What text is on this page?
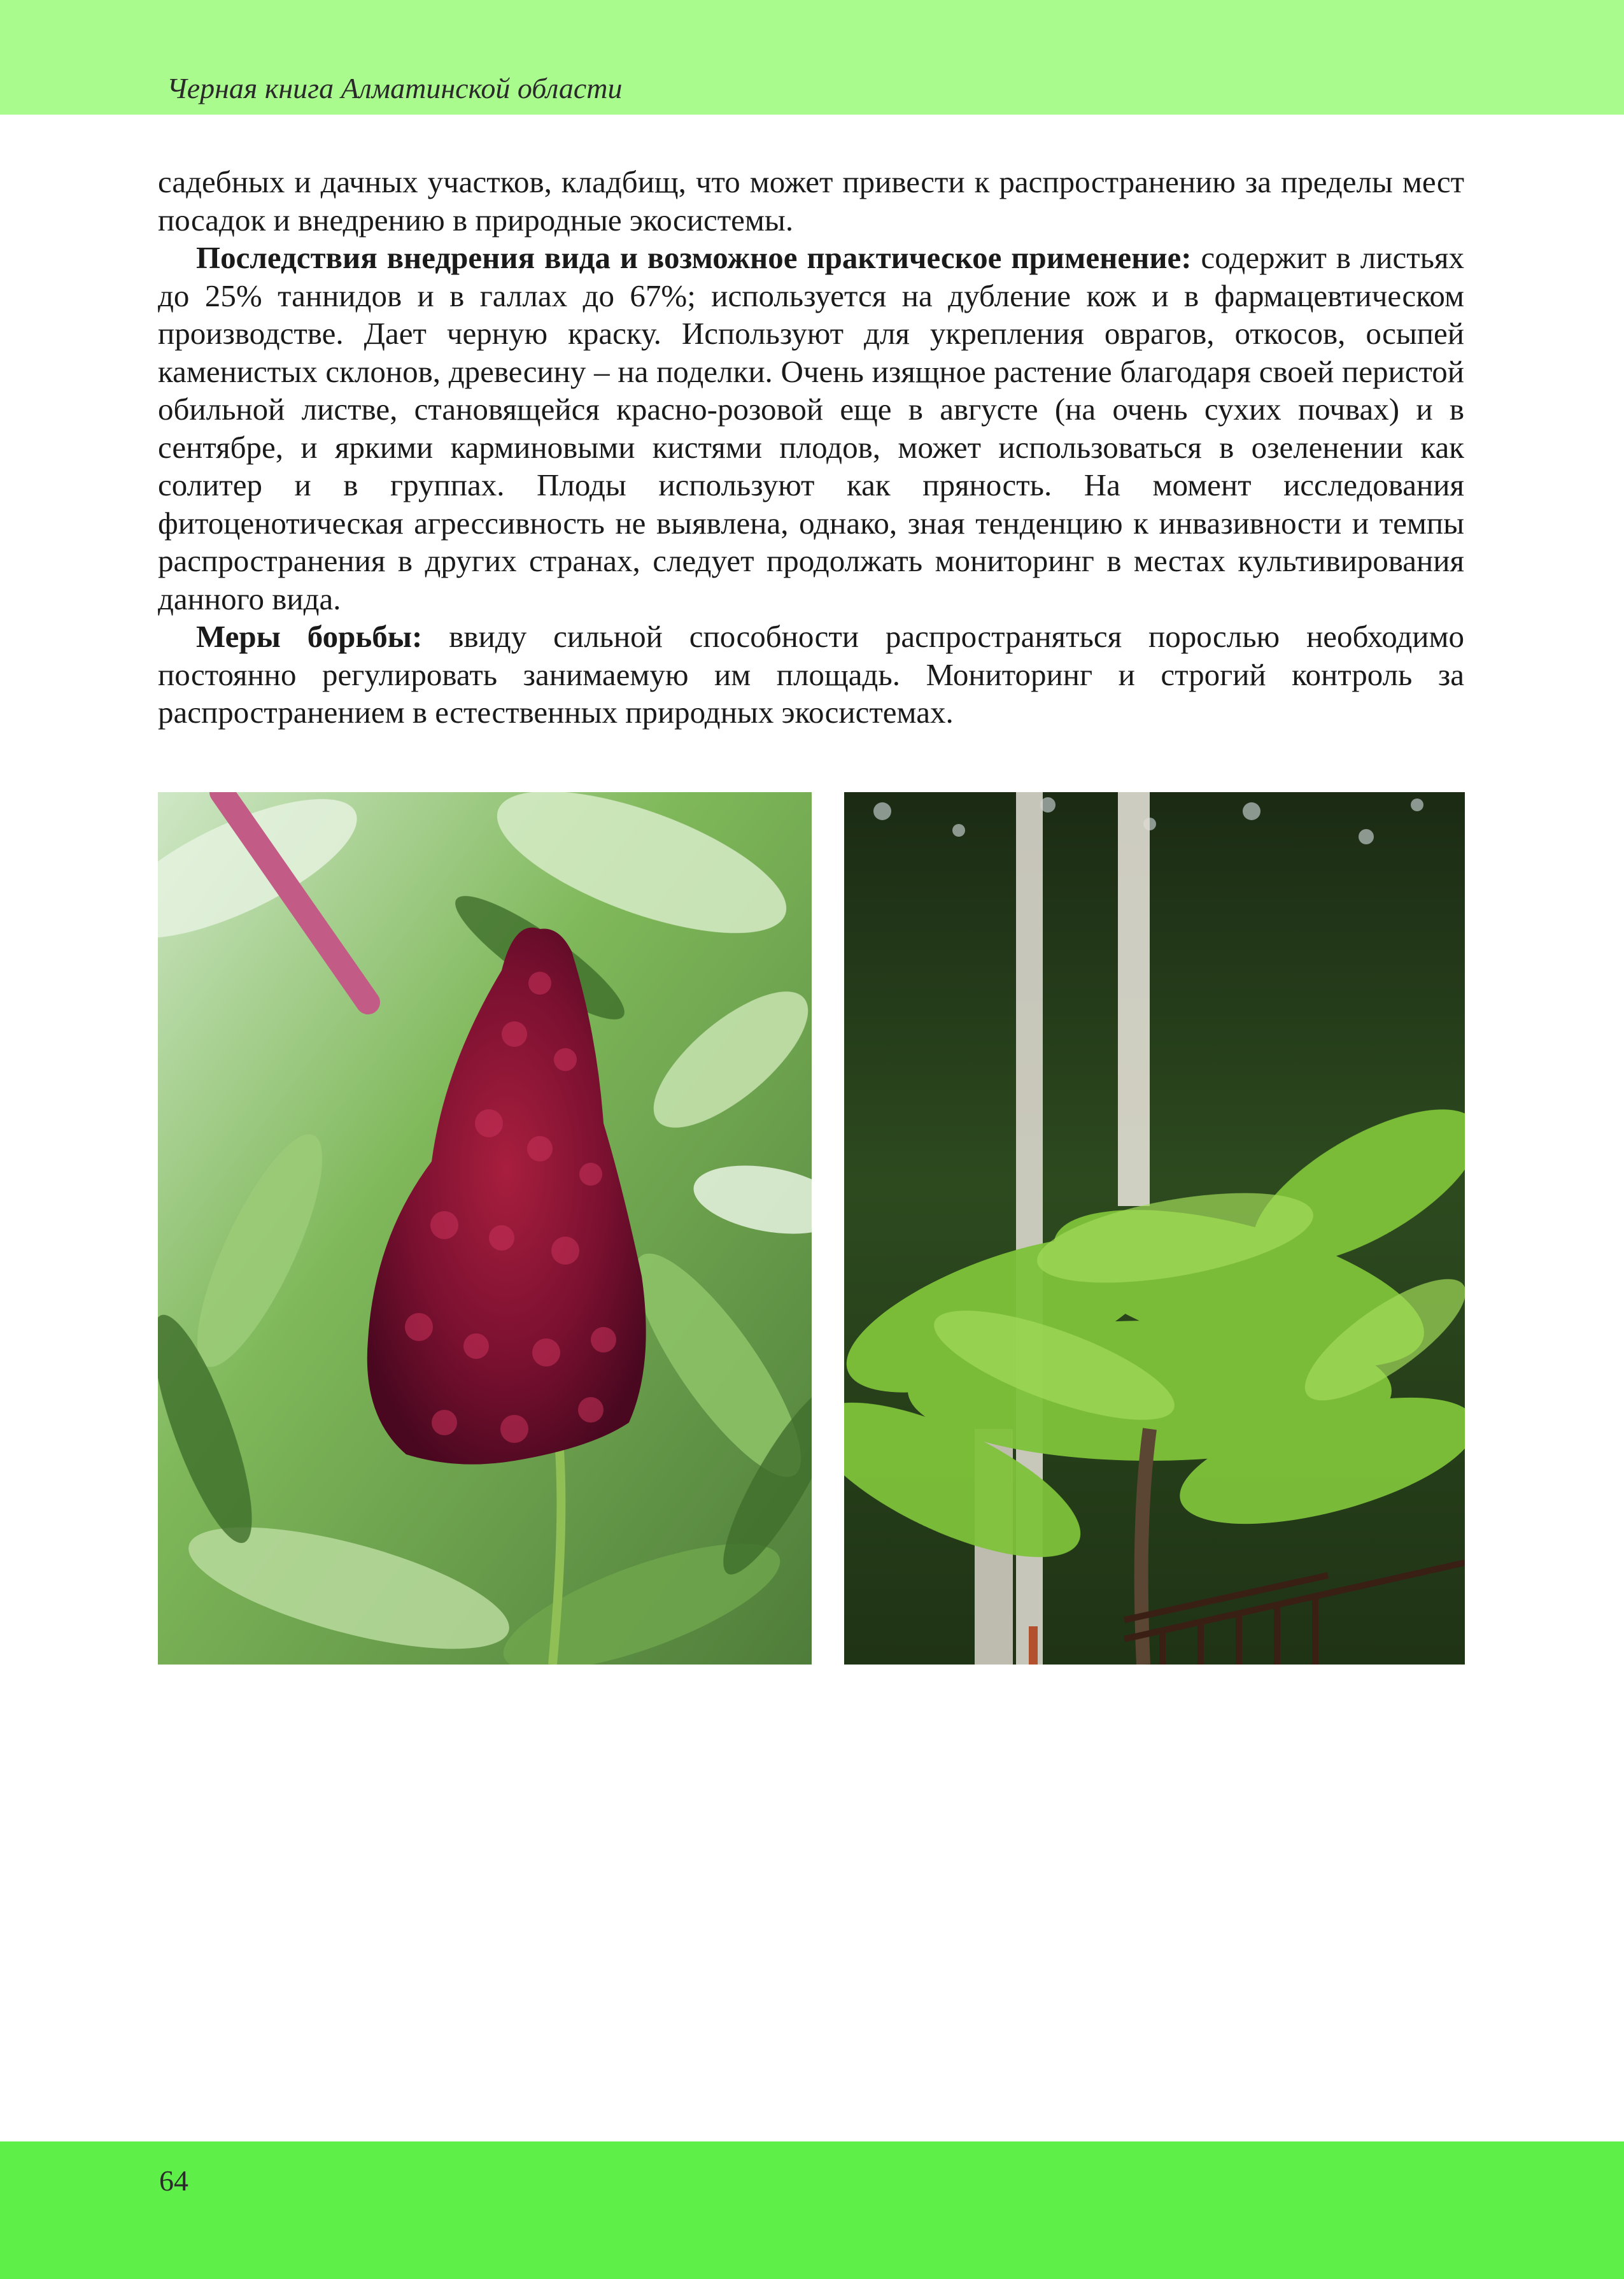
Черная книга Алматинской области

садебных и дачных участков, кладбищ, что может привести к распространению за пределы мест посадок и внедрению в природные экосистемы.

Последствия внедрения вида и возможное практическое применение: содержит в листьях до 25% таннидов и в галлах до 67%; используется на дубление кож и в фармацевтическом производстве. Дает черную краску. Используют для укрепления оврагов, откосов, осыпей каменистых склонов, древесину – на поделки. Очень изящное растение благодаря своей перистой обильной листве, становящейся красно-розовой еще в августе (на очень сухих почвах) и в сентябре, и яркими карминовыми кистями плодов, может использоваться в озеленении как солитер и в группах. Плоды используют как пряность. На момент исследования фитоценотическая агрессивность не выявлена, однако, зная тенденцию к инвазивности и темпы распространения в других странах, следует продолжать мониторинг в местах культивирования данного вида.

Меры борьбы: ввиду сильной способности распространяться порослью необходимо постоянно регулировать занимаемую им площадь. Мониторинг и строгий контроль за распространением в естественных природных экосистемах.

64
